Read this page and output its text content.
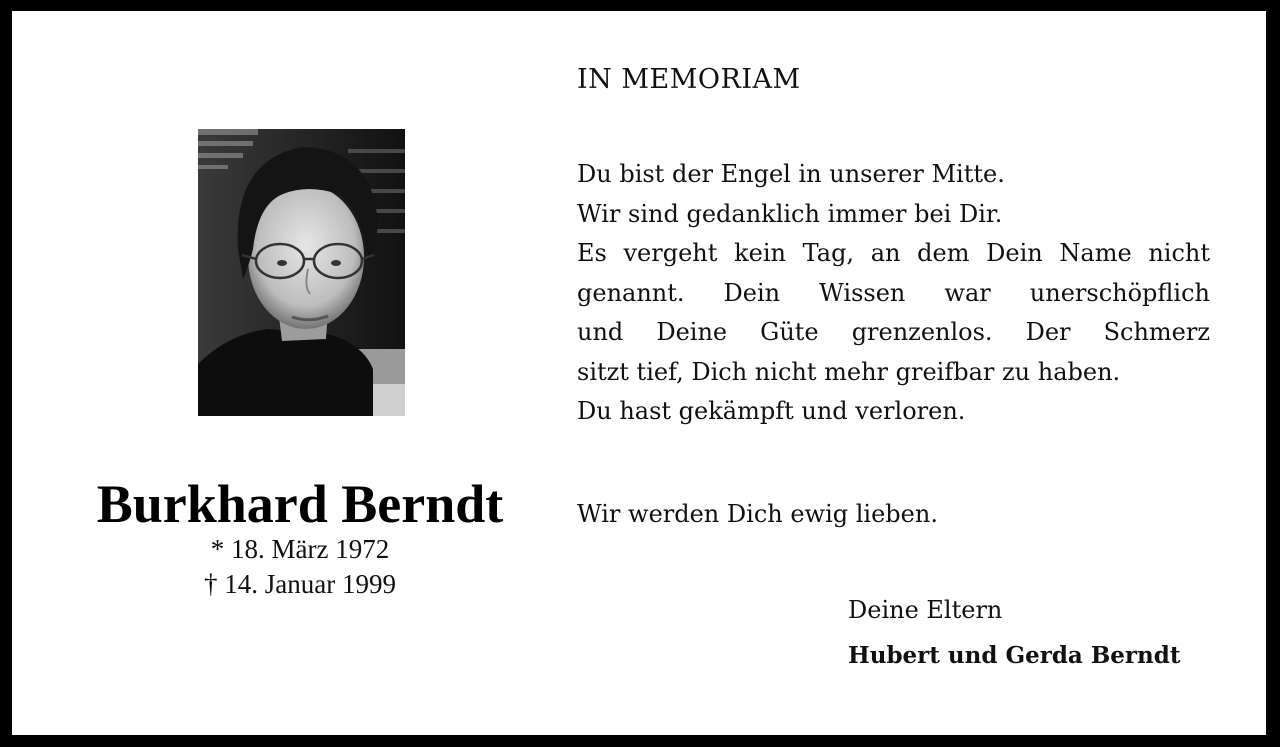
Burkhard Berndt
* 18. März 1972
† 14. Januar 1999
IN MEMORIAM
Du bist der Engel in unserer Mitte.
Wir sind gedanklich immer bei Dir.
Es vergeht kein Tag, an dem Dein Name nicht
genannt. Dein Wissen war unerschöpflich
und Deine Güte grenzenlos. Der Schmerz
sitzt tief, Dich nicht mehr greifbar zu haben.
Du hast gekämpft und verloren.
Wir werden Dich ewig lieben.
Deine Eltern
Hubert und Gerda Berndt
